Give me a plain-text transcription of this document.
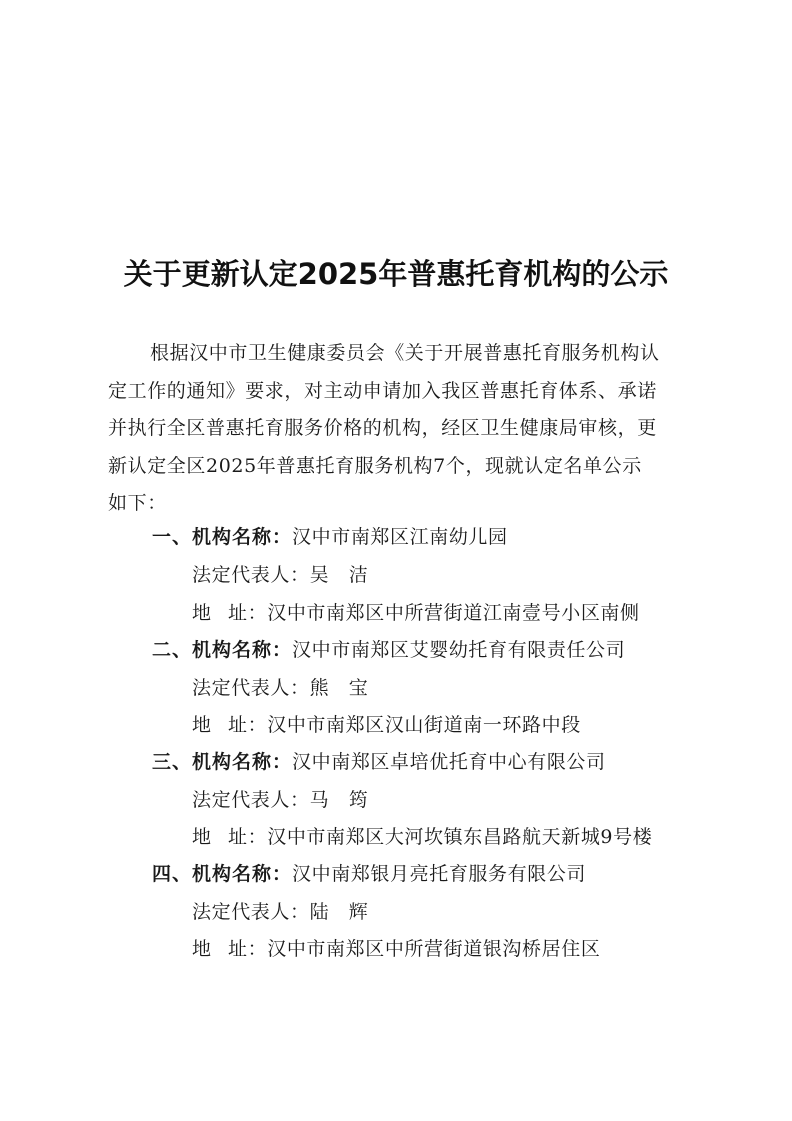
关于更新认定2025年普惠托育机构的公示
根据汉中市卫生健康委员会《关于开展普惠托育服务机构认
定工作的通知》要求，对主动申请加入我区普惠托育体系、承诺
并执行全区普惠托育服务价格的机构，经区卫生健康局审核，更
新认定全区2025年普惠托育服务机构7个，现就认定名单公示
如下：
一、机构名称：汉中市南郑区江南幼儿园
法定代表人：吴　洁
地址：汉中市南郑区中所营街道江南壹号小区南侧
二、机构名称：汉中市南郑区艾婴幼托育有限责任公司
法定代表人：熊　宝
地址：汉中市南郑区汉山街道南一环路中段
三、机构名称：汉中南郑区卓培优托育中心有限公司
法定代表人：马　筠
地址：汉中市南郑区大河坎镇东昌路航天新城9号楼
四、机构名称：汉中南郑银月亮托育服务有限公司
法定代表人：陆　辉
地址：汉中市南郑区中所营街道银沟桥居住区
